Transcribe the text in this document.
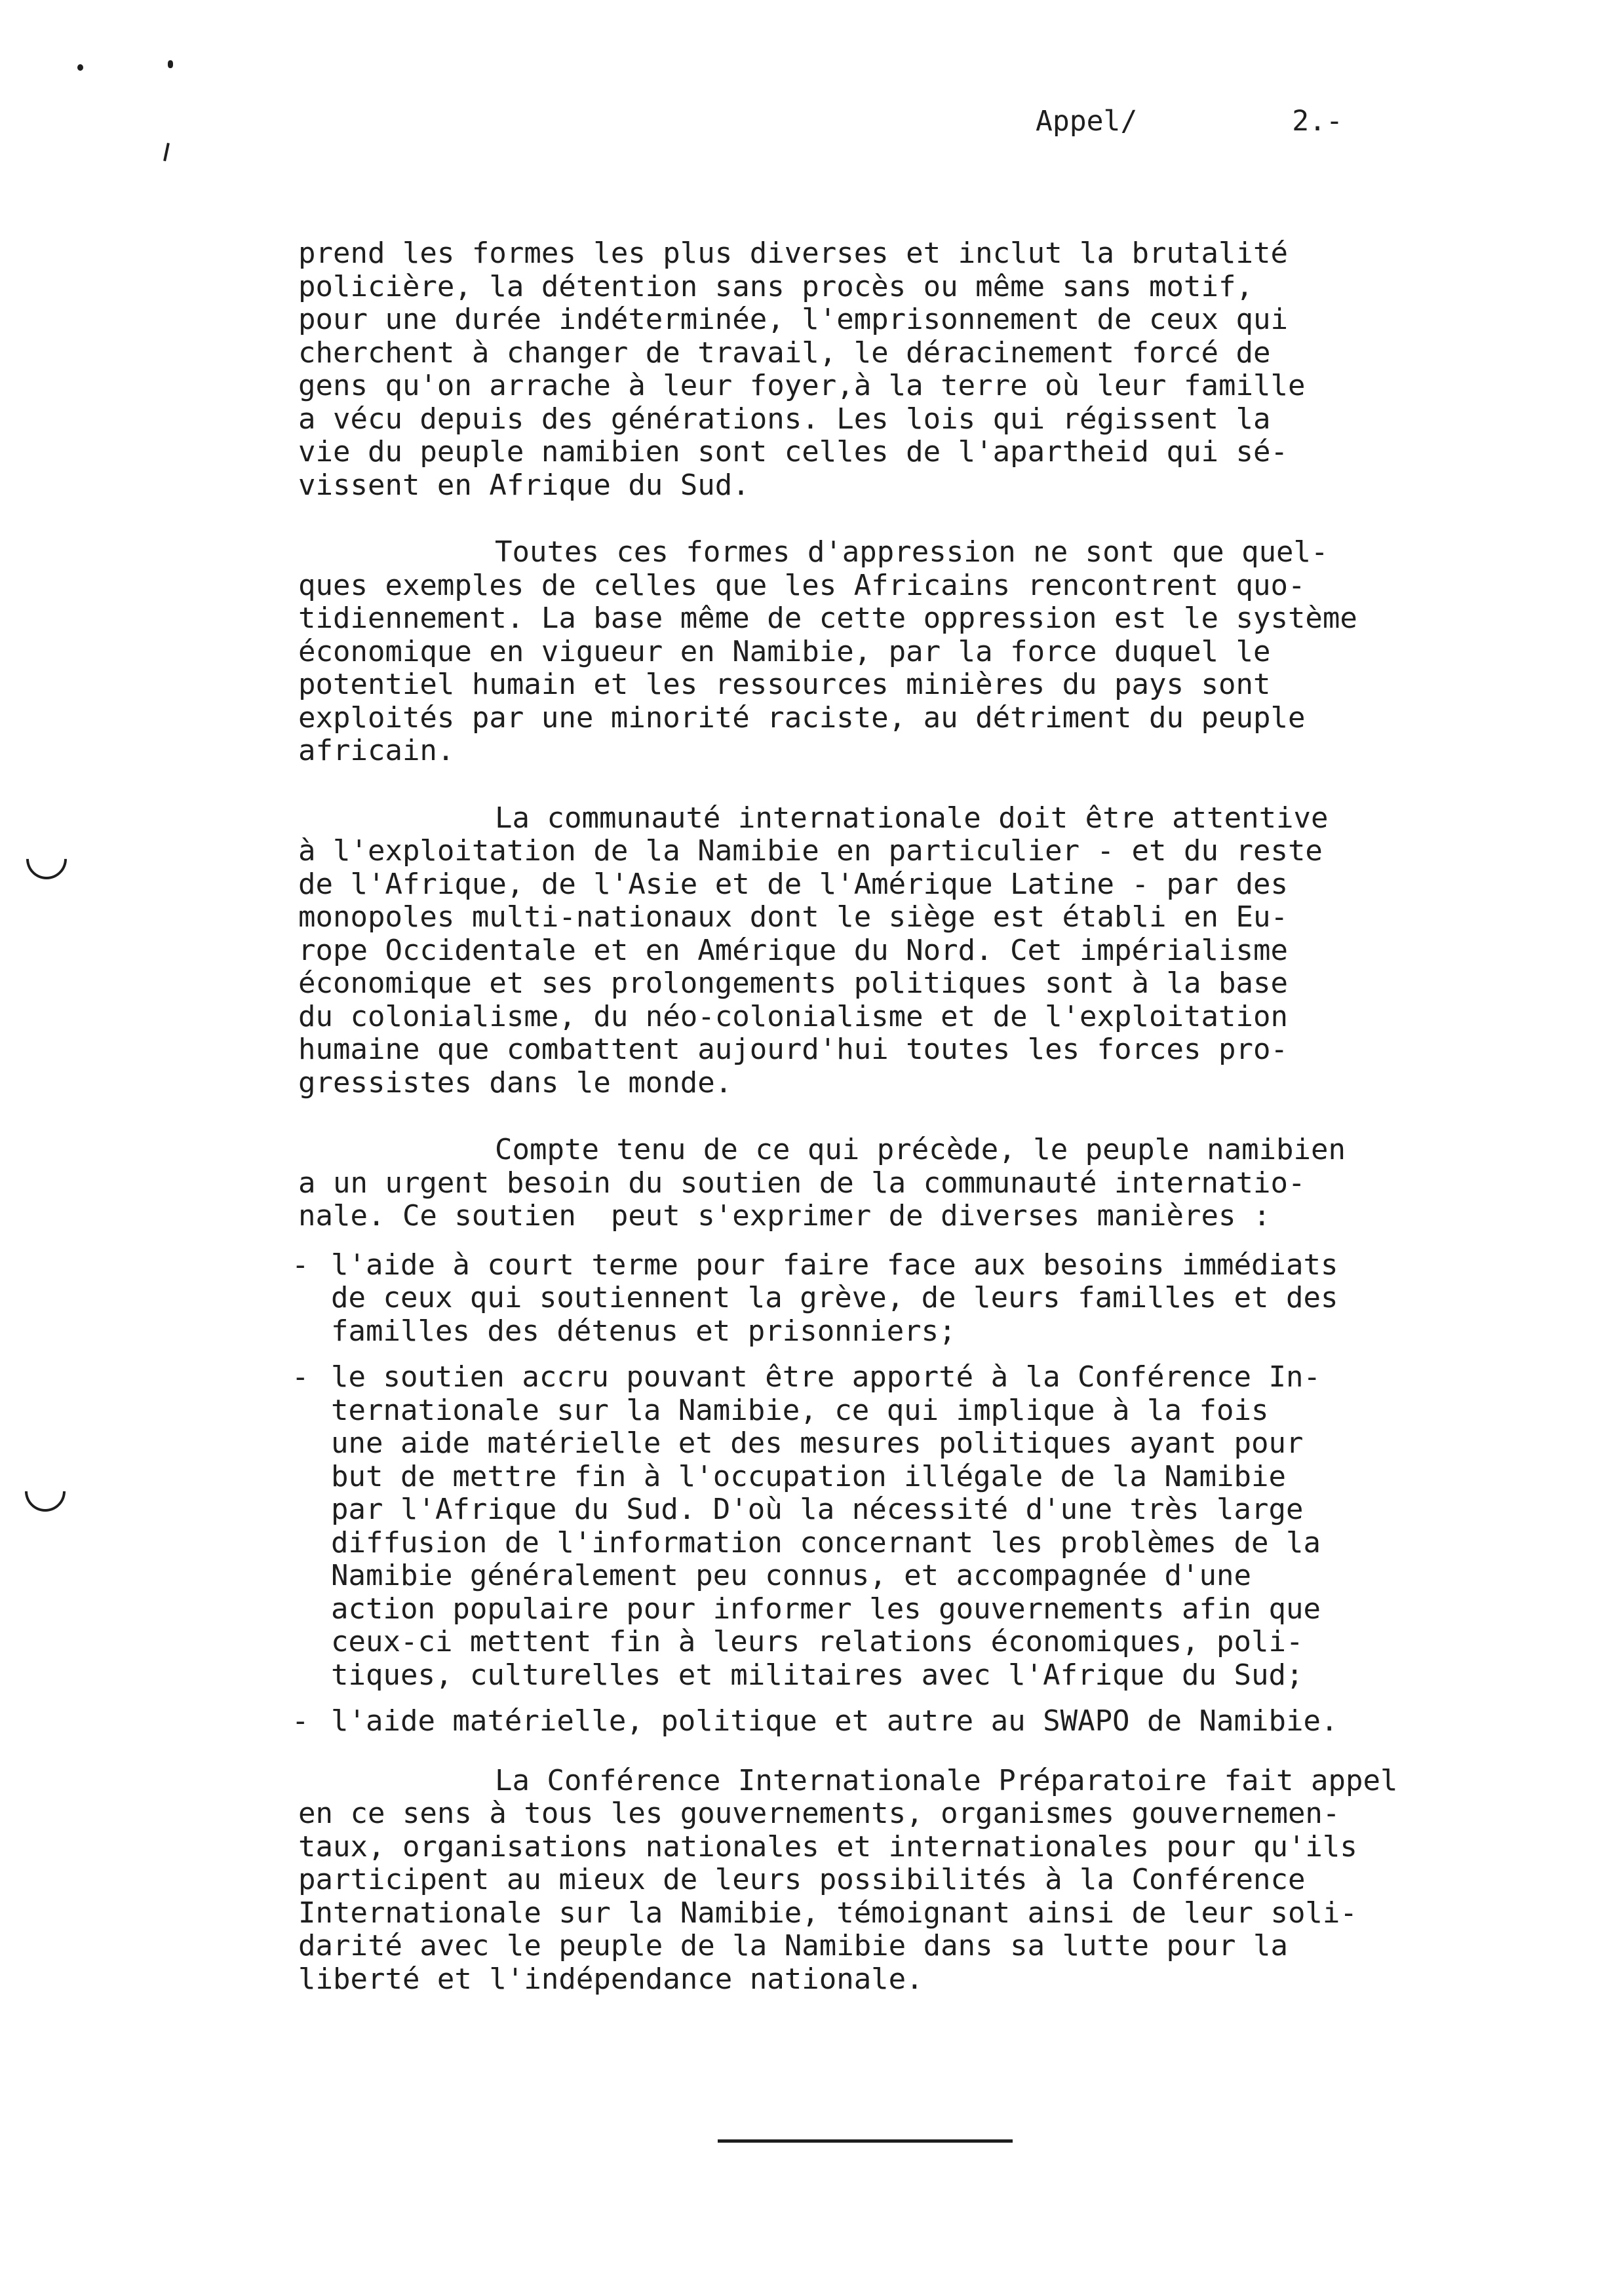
Appel/	2.-

prend les formes les plus diverses et inclut la brutalité
policière, la détention sans procès ou même sans motif,
pour une durée indéterminée, l'emprisonnement de ceux qui
cherchent à changer de travail, le déracinement forcé de
gens qu'on arrache à leur foyer,à la terre où leur famille
a vécu depuis des générations. Les lois qui régissent la
vie du peuple namibien sont celles de l'apartheid qui sé-
vissent en Afrique du Sud.

Toutes ces formes d'appression ne sont que quel-
ques exemples de celles que les Africains rencontrent quo-
tidiennement. La base même de cette oppression est le système
économique en vigueur en Namibie, par la force duquel le
potentiel humain et les ressources minières du pays sont
exploités par une minorité raciste, au détriment du peuple
africain.

La communauté internationale doit être attentive
à l'exploitation de la Namibie en particulier - et du reste
de l'Afrique, de l'Asie et de l'Amérique Latine - par des
monopoles multi-nationaux dont le siège est établi en Eu-
rope Occidentale et en Amérique du Nord. Cet impérialisme
économique et ses prolongements politiques sont à la base
du colonialisme, du néo-colonialisme et de l'exploitation
humaine que combattent aujourd'hui toutes les forces pro-
gressistes dans le monde.

Compte tenu de ce qui précède, le peuple namibien
a un urgent besoin du soutien de la communauté internatio-
nale. Ce soutien  peut s'exprimer de diverses manières :

- l'aide à court terme pour faire face aux besoins immédiats
de ceux qui soutiennent la grève, de leurs familles et des
familles des détenus et prisonniers;
- le soutien accru pouvant être apporté à la Conférence In-
ternationale sur la Namibie, ce qui implique à la fois
une aide matérielle et des mesures politiques ayant pour
but de mettre fin à l'occupation illégale de la Namibie
par l'Afrique du Sud. D'où la nécessité d'une très large
diffusion de l'information concernant les problèmes de la
Namibie généralement peu connus, et accompagnée d'une
action populaire pour informer les gouvernements afin que
ceux-ci mettent fin à leurs relations économiques, poli-
tiques, culturelles et militaires avec l'Afrique du Sud;
- l'aide matérielle, politique et autre au SWAPO de Namibie.

La Conférence Internationale Préparatoire fait appel
en ce sens à tous les gouvernements, organismes gouvernemen-
taux, organisations nationales et internationales pour qu'ils
participent au mieux de leurs possibilités à la Conférence
Internationale sur la Namibie, témoignant ainsi de leur soli-
darité avec le peuple de la Namibie dans sa lutte pour la
liberté et l'indépendance nationale.
